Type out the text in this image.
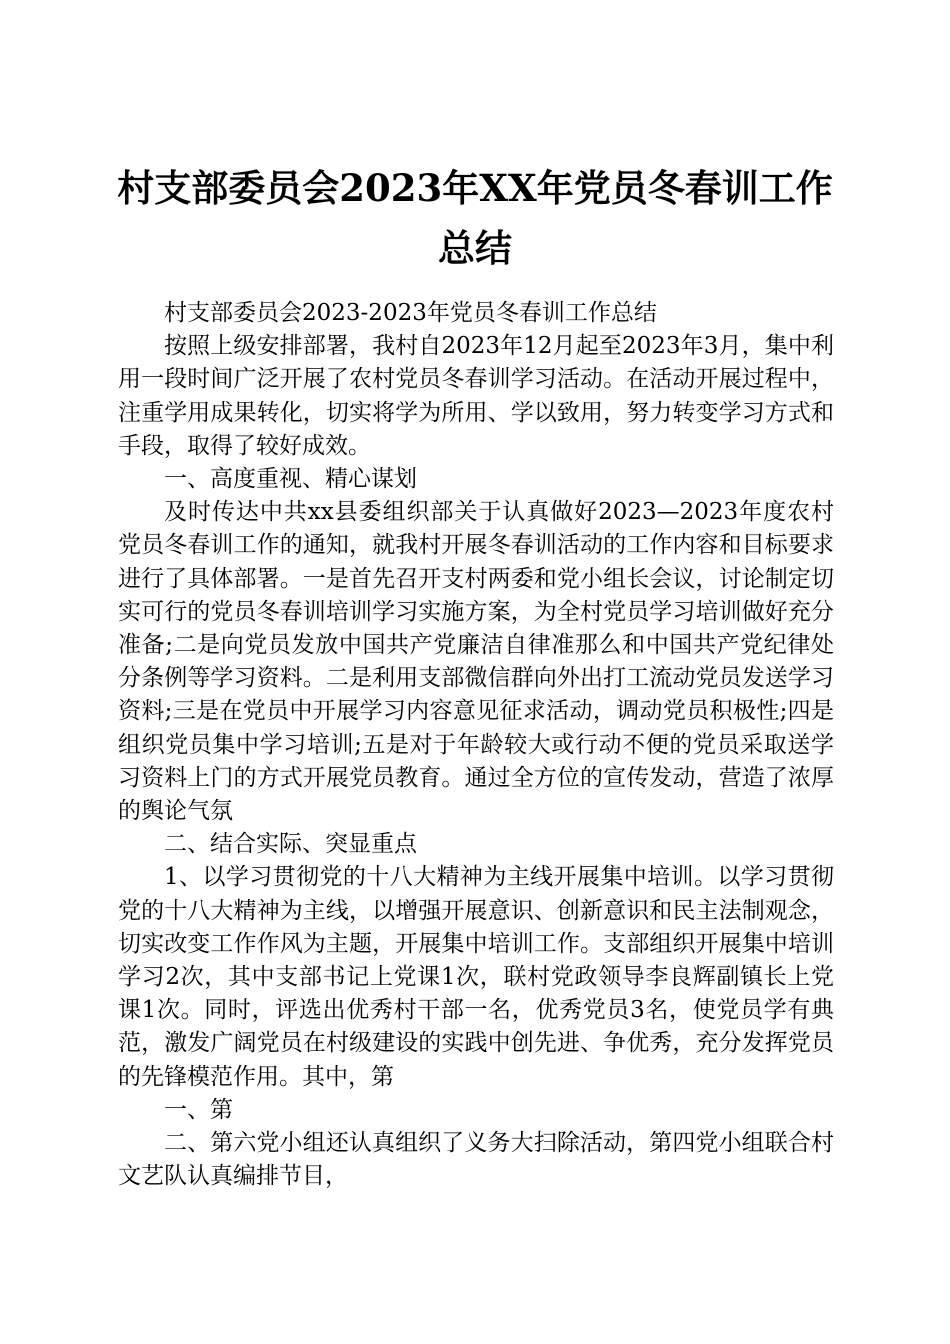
村支部委员会2023年XX年党员冬春训工作总结

村支部委员会2023-2023年党员冬春训工作总结

按照上级安排部署，我村自2023年12月起至2023年3月，集中利用一段时间广泛开展了农村党员冬春训学习活动。在活动开展过程中，注重学用成果转化，切实将学为所用、学以致用，努力转变学习方式和手段，取得了较好成效。

一、高度重视、精心谋划

及时传达中共xx县委组织部关于认真做好2023—2023年度农村党员冬春训工作的通知，就我村开展冬春训活动的工作内容和目标要求进行了具体部署。一是首先召开支村两委和党小组长会议，讨论制定切实可行的党员冬春训培训学习实施方案，为全村党员学习培训做好充分准备;二是向党员发放中国共产党廉洁自律准那么和中国共产党纪律处分条例等学习资料。二是利用支部微信群向外出打工流动党员发送学习资料;三是在党员中开展学习内容意见征求活动，调动党员积极性;四是组织党员集中学习培训;五是对于年龄较大或行动不便的党员采取送学习资料上门的方式开展党员教育。通过全方位的宣传发动，营造了浓厚的舆论气氛

二、结合实际、突显重点

1、以学习贯彻党的十八大精神为主线开展集中培训。以学习贯彻党的十八大精神为主线，以增强开展意识、创新意识和民主法制观念，切实改变工作作风为主题，开展集中培训工作。支部组织开展集中培训学习2次，其中支部书记上党课1次，联村党政领导李良辉副镇长上党课1次。同时，评选出优秀村干部一名，优秀党员3名，使党员学有典范，激发广阔党员在村级建设的实践中创先进、争优秀，充分发挥党员的先锋模范作用。其中，第

一、第

二、第六党小组还认真组织了义务大扫除活动，第四党小组联合村文艺队认真编排节目，
